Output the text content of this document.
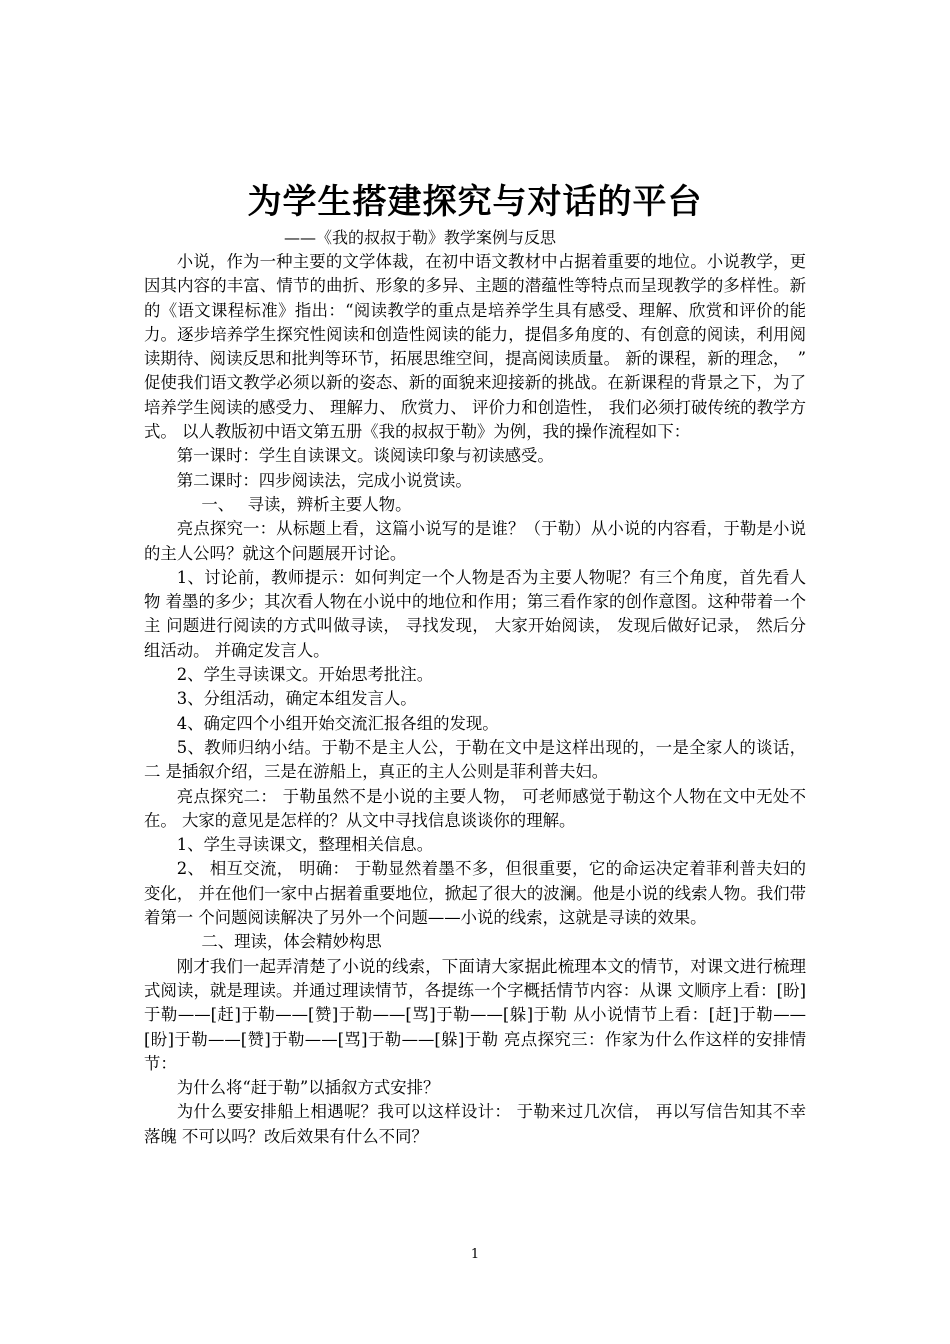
为学生搭建探究与对话的平台
——《我的叔叔于勒》教学案例与反思

小说，作为一种主要的文学体裁，在初中语文教材中占据着重要的地位。小说教学，更 因其内容的丰富、情节的曲折、形象的多异、主题的潜蕴性等特点而呈现教学的多样性。新 的《语文课程标准》指出：“阅读教学的重点是培养学生具有感受、理解、欣赏和评价的能 力。逐步培养学生探究性阅读和创造性阅读的能力，提倡多角度的、有创意的阅读，利用阅 读期待、阅读反思和批判等环节，拓展思维空间，提高阅读质量。 新的课程，新的理念，　” 促使我们语文教学必须以新的姿态、新的面貌来迎接新的挑战。在新课程的背景之下，为了 培养学生阅读的感受力、 理解力、 欣赏力、 评价力和创造性， 我们必须打破传统的教学方式。 以人教版初中语文第五册《我的叔叔于勒》为例，我的操作流程如下：

第一课时：学生自读课文。谈阅读印象与初读感受。

第二课时：四步阅读法，完成小说赏读。

一、　 寻读，辨析主要人物。

亮点探究一：从标题上看，这篇小说写的是谁？（于勒）从小说的内容看，于勒是小说 的主人公吗？就这个问题展开讨论。

1、讨论前，教师提示：如何判定一个人物是否为主要人物呢？有三个角度，首先看人物 着墨的多少；其次看人物在小说中的地位和作用；第三看作家的创作意图。这种带着一个主 问题进行阅读的方式叫做寻读， 寻找发现， 大家开始阅读， 发现后做好记录， 然后分组活动。 并确定发言人。

2、学生寻读课文。开始思考批注。

3、分组活动，确定本组发言人。

4、确定四个小组开始交流汇报各组的发现。

5、教师归纳小结。于勒不是主人公，于勒在文中是这样出现的，一是全家人的谈话，二 是插叙介绍，三是在游船上，真正的主人公则是菲利普夫妇。

亮点探究二： 于勒虽然不是小说的主要人物， 可老师感觉于勒这个人物在文中无处不在。 大家的意见是怎样的？从文中寻找信息谈谈你的理解。

1、学生寻读课文，整理相关信息。

2、 相互交流， 明确： 于勒显然着墨不多，但很重要，它的命运决定着菲利普夫妇的变化， 并在他们一家中占据着重要地位，掀起了很大的波澜。他是小说的线索人物。我们带着第一 个问题阅读解决了另外一个问题——小说的线索，这就是寻读的效果。

二、理读，体会精妙构思

刚才我们一起弄清楚了小说的线索，下面请大家据此梳理本文的情节，对课文进行梳理 式阅读，就是理读。并通过理读情节，各提练一个字概括情节内容：从课 文顺序上看：[盼]于勒——[赶]于勒——[赞]于勒——[骂]于勒——[躲]于勒 从小说情节上看：[赶]于勒——[盼]于勒——[赞]于勒——[骂]于勒——[躲]于勒 亮点探究三：作家为什么作这样的安排情节：

为什么将“赶于勒”以插叙方式安排？

为什么要安排船上相遇呢？我可以这样设计： 于勒来过几次信， 再以写信告知其不幸落魄 不可以吗？改后效果有什么不同？

1
